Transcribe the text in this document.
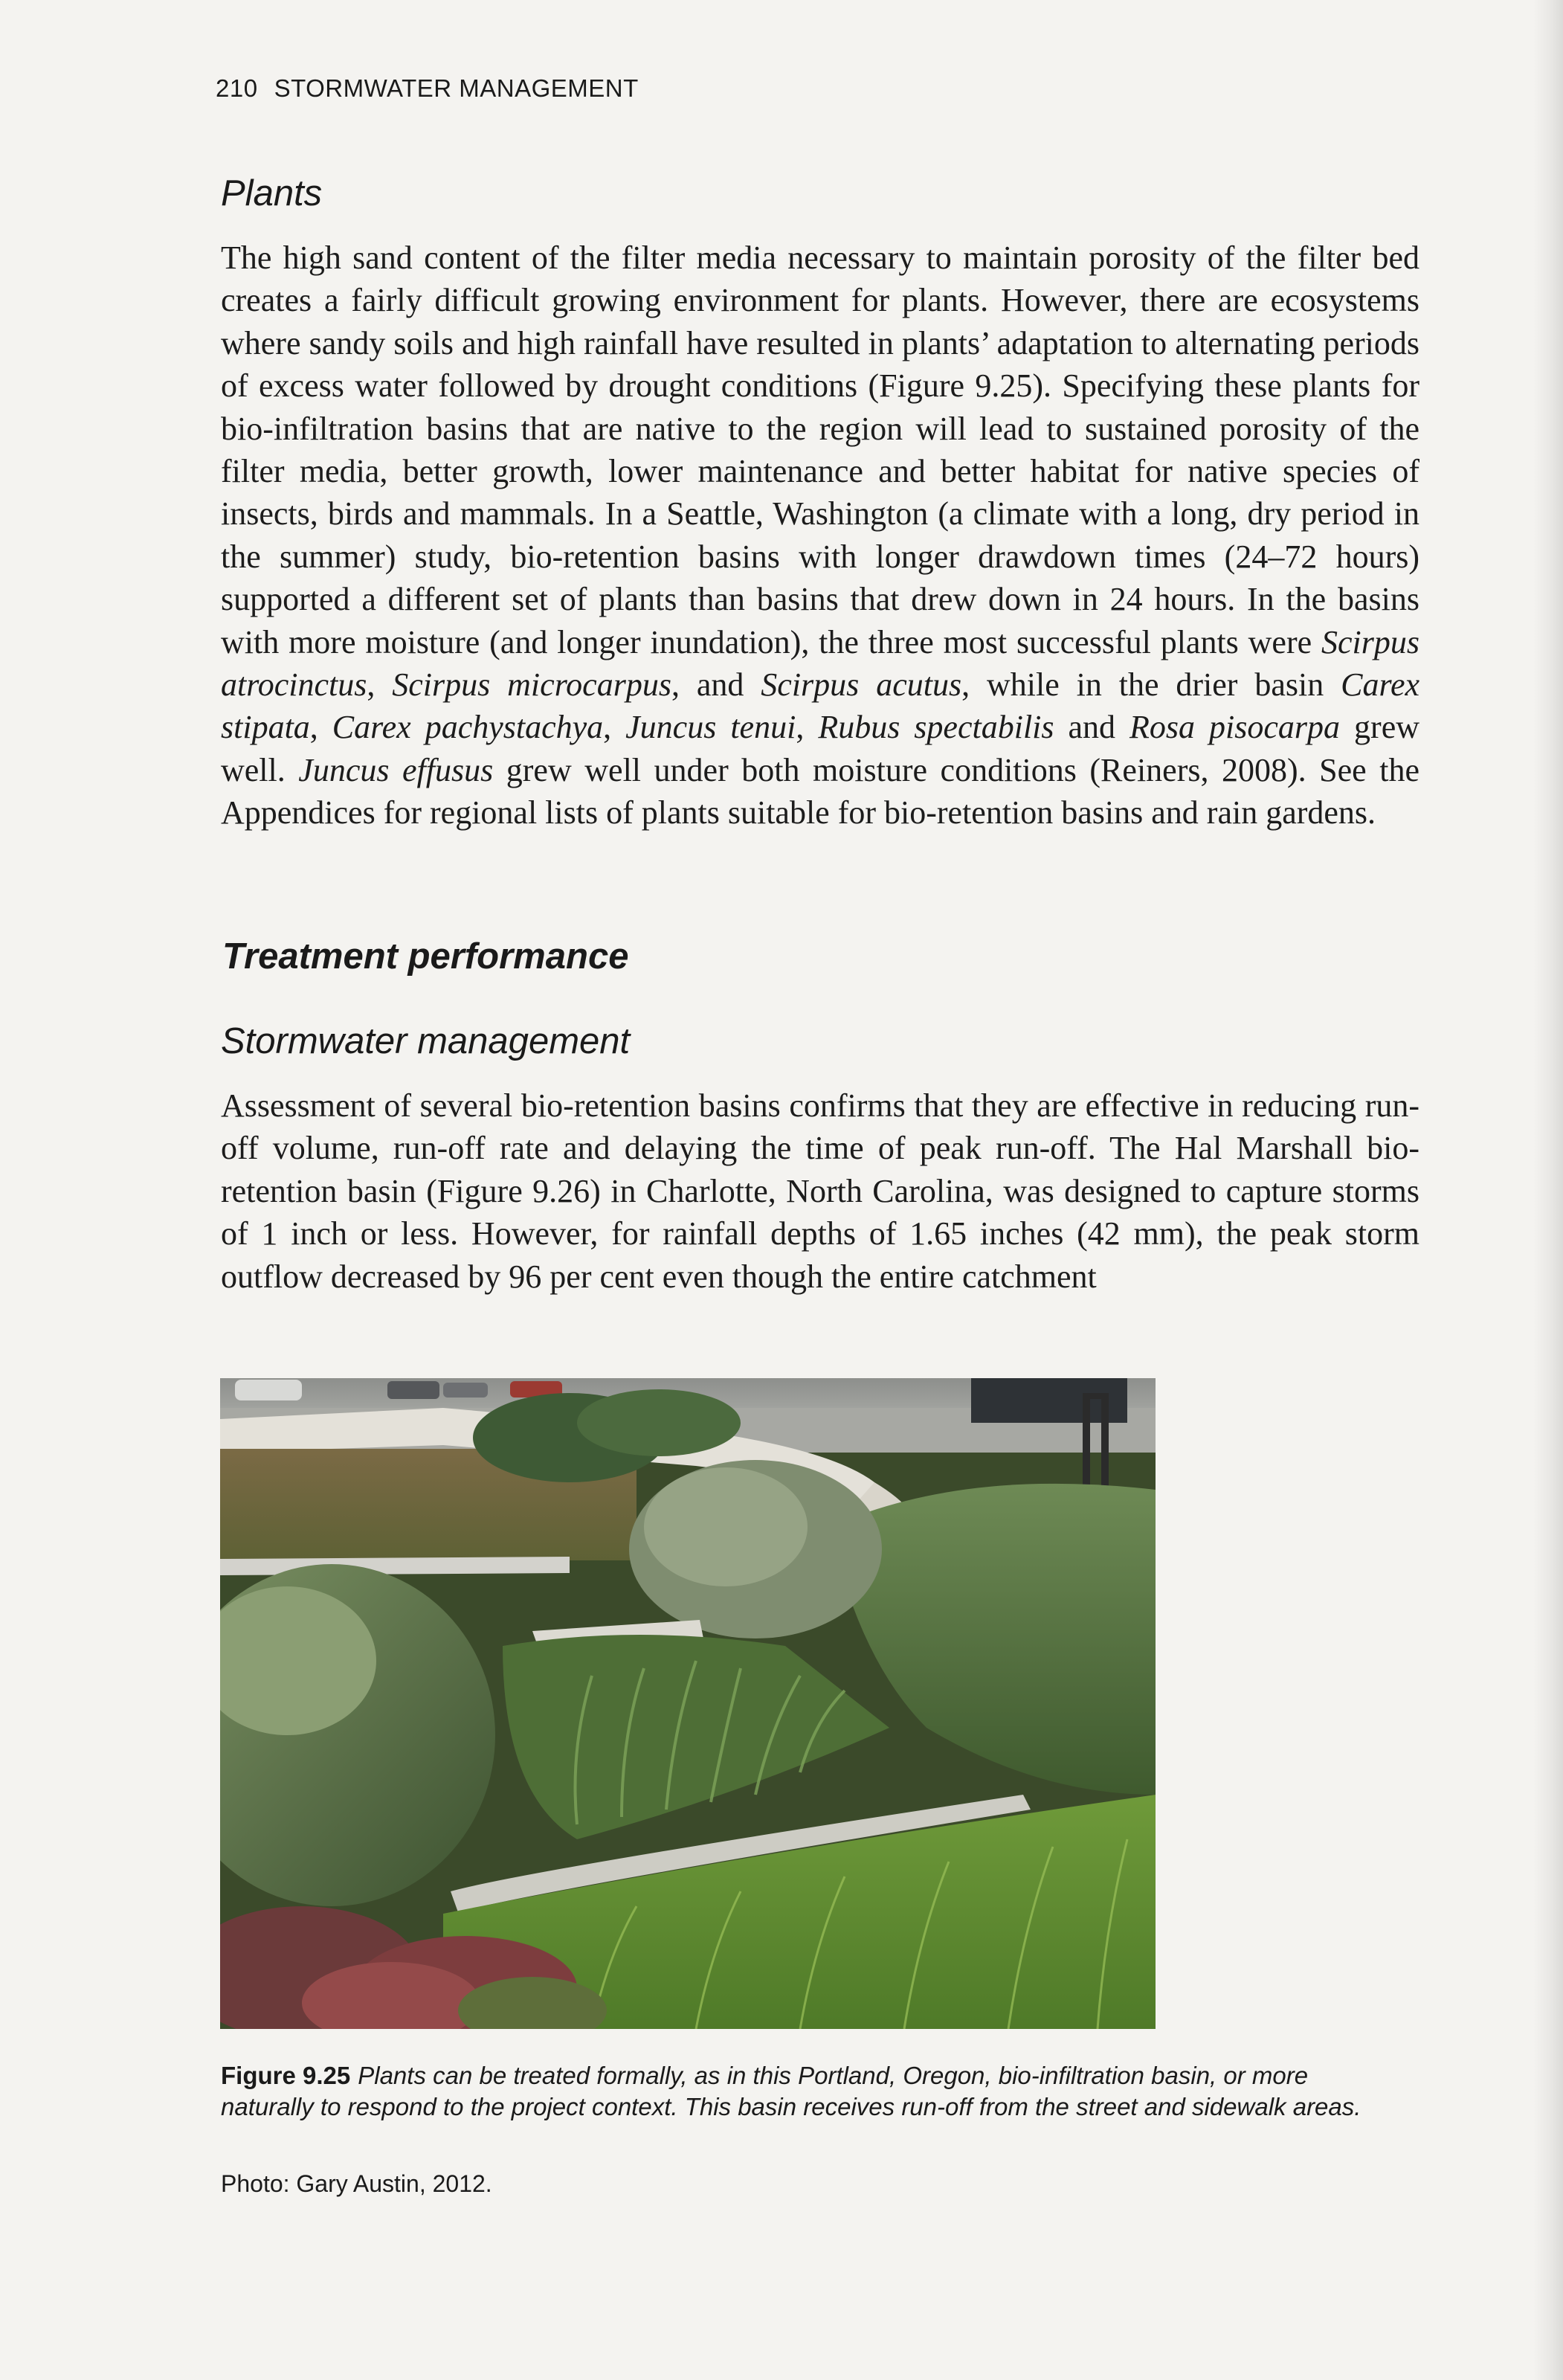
210 STORMWATER MANAGEMENT
Plants

The high sand content of the filter media necessary to maintain porosity of the filter bed creates a fairly difficult growing environment for plants. However, there are ecosystems where sandy soils and high rainfall have resulted in plants’ adaptation to alternating periods of excess water followed by drought conditions (Figure 9.25). Specifying these plants for bio-infiltration basins that are native to the region will lead to sustained porosity of the filter media, better growth, lower maintenance and better habitat for native species of insects, birds and mammals. In a Seattle, Washington (a climate with a long, dry period in the summer) study, bio-retention basins with longer drawdown times (24–72 hours) supported a different set of plants than basins that drew down in 24 hours. In the basins with more moisture (and longer inundation), the three most successful plants were Scirpus atrocinctus, Scirpus microcarpus, and Scirpus acutus, while in the drier basin Carex stipata, Carex pachystachya, Juncus tenui, Rubus spectabilis and Rosa pisocarpa grew well. Juncus effusus grew well under both moisture conditions (Reiners, 2008). See the Appendices for regional lists of plants suitable for bio-retention basins and rain gardens.

Treatment performance
Stormwater management

Assessment of several bio-retention basins confirms that they are effective in reducing run-off volume, run-off rate and delaying the time of peak run-off. The Hal Marshall bio-retention basin (Figure 9.26) in Charlotte, North Carolina, was designed to capture storms of 1 inch or less. However, for rainfall depths of 1.65 inches (42 mm), the peak storm outflow decreased by 96 per cent even though the entire catchment

Figure 9.25 Plants can be treated formally, as in this Portland, Oregon, bio-infiltration basin, or more naturally to respond to the project context. This basin receives run-off from the street and sidewalk areas.

Photo: Gary Austin, 2012.
